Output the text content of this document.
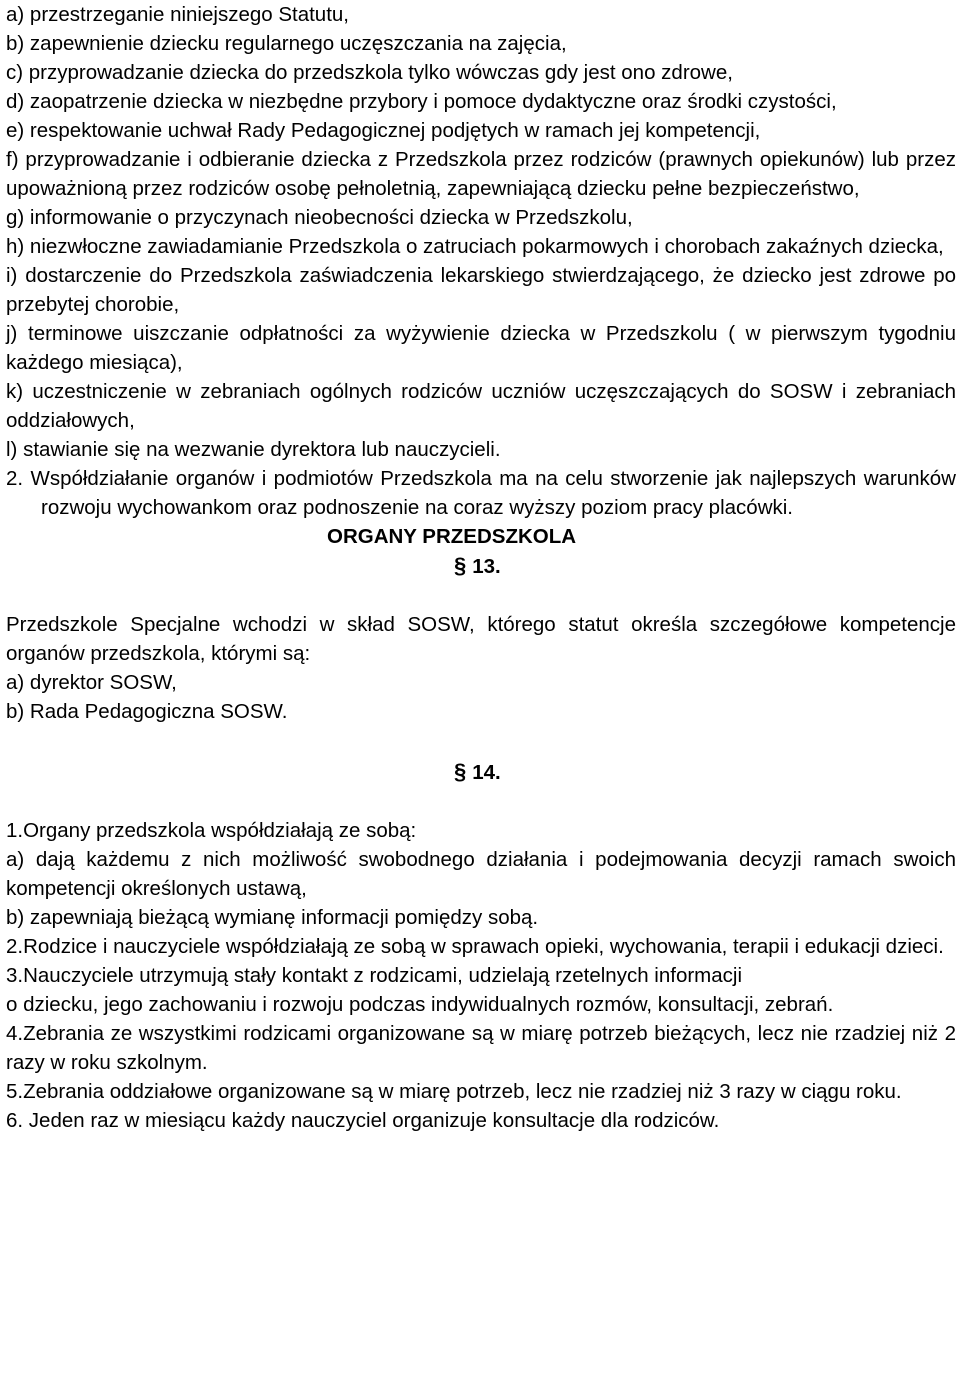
a) przestrzeganie niniejszego Statutu,

b) zapewnienie dziecku regularnego uczęszczania na zajęcia,

c) przyprowadzanie dziecka do przedszkola tylko wówczas gdy jest ono zdrowe,

d) zaopatrzenie dziecka w niezbędne przybory i pomoce dydaktyczne oraz środki czystości,

e) respektowanie uchwał Rady Pedagogicznej podjętych w ramach jej kompetencji,

f) przyprowadzanie i odbieranie dziecka z Przedszkola przez rodziców (prawnych opiekunów) lub przez upoważnioną przez rodziców osobę pełnoletnią, zapewniającą dziecku pełne bezpieczeństwo,

g) informowanie o przyczynach nieobecności dziecka w Przedszkolu,

h) niezwłoczne zawiadamianie Przedszkola o zatruciach pokarmowych i chorobach zakaźnych dziecka,

i) dostarczenie do Przedszkola zaświadczenia lekarskiego stwierdzającego, że dziecko jest zdrowe po przebytej chorobie,

j) terminowe uiszczanie odpłatności za wyżywienie dziecka w Przedszkolu ( w pierwszym tygodniu każdego miesiąca),

k) uczestniczenie w zebraniach ogólnych rodziców uczniów uczęszczających do SOSW i zebraniach oddziałowych,

l) stawianie się na wezwanie dyrektora lub nauczycieli.

2. Współdziałanie organów i podmiotów Przedszkola ma na celu stworzenie jak najlepszych warunków rozwoju wychowankom oraz podnoszenie na coraz wyższy poziom pracy placówki.

ORGANY PRZEDSZKOLA

§ 13.

Przedszkole Specjalne wchodzi w skład SOSW, którego statut określa szczegółowe kompetencje organów przedszkola, którymi są:

a) dyrektor SOSW,

b) Rada Pedagogiczna SOSW.

§ 14.

1.Organy przedszkola współdziałają ze sobą:

a) dają każdemu z nich możliwość swobodnego działania i podejmowania decyzji ramach swoich kompetencji określonych ustawą,

b) zapewniają bieżącą wymianę informacji pomiędzy sobą.

2.Rodzice i nauczyciele współdziałają ze sobą w sprawach opieki, wychowania, terapii i edukacji dzieci.

3.Nauczyciele utrzymują stały kontakt z rodzicami, udzielają rzetelnych informacji

o dziecku, jego zachowaniu i rozwoju podczas indywidualnych rozmów, konsultacji, zebrań.

4.Zebrania ze wszystkimi rodzicami organizowane są w miarę potrzeb bieżących, lecz nie rzadziej niż 2 razy w roku szkolnym.

5.Zebrania oddziałowe organizowane są w miarę potrzeb, lecz nie rzadziej niż 3 razy w ciągu roku.

6. Jeden raz w miesiącu każdy nauczyciel organizuje konsultacje dla rodziców.
